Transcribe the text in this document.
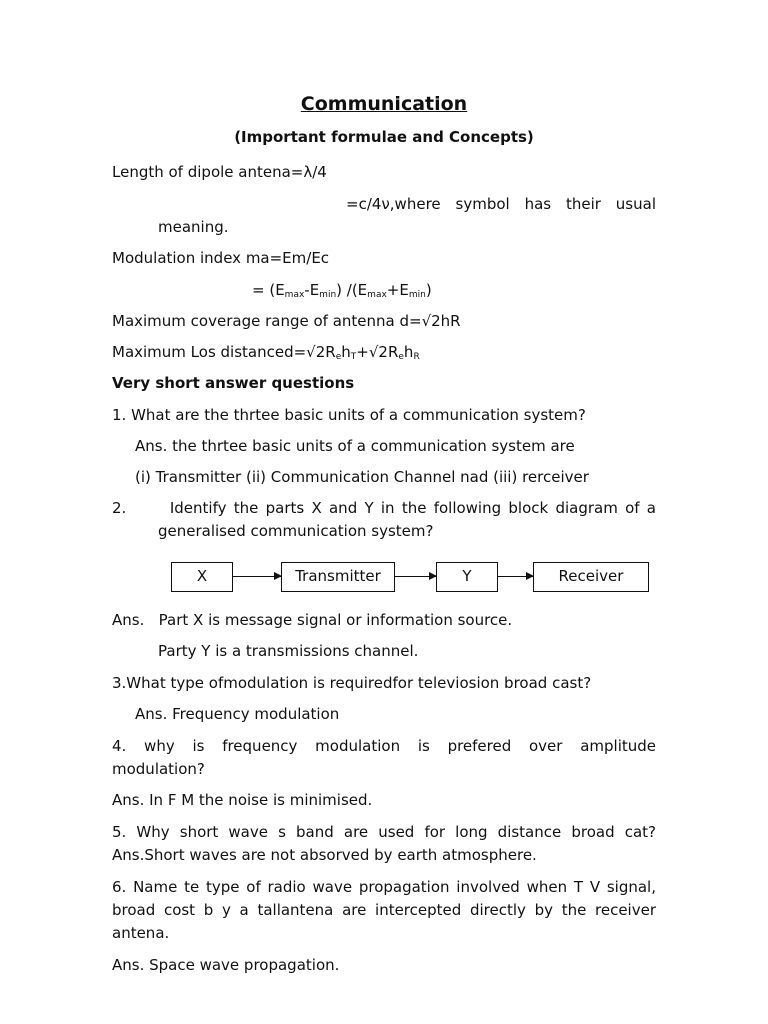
Communication
(Important formulae and Concepts)
Length of dipole antena=λ/4
=c/4ν,where symbol has their usual
meaning.
Modulation index ma=Em/Ec
= $(E_{max}-E_{min})$ $/(E_{max}+E_{min})$
Maximum coverage range of antenna d=√2hR
Maximum Los $distanced=√2R_eh_T+√2R_eh_R$
Very short answer questions
1. What are the thrtee basic units of a communication system?
Ans. the thrtee basic units of a communication system are
(i) Transmitter (ii) Communication Channel nad (iii) rerceiver
2.      Identify the parts X and Y in the following block diagram of a
generalised communication system?
X	Transmitter	Y	Receiver
Ans.   Part X is message signal or information source.
Party Y is a transmissions channel.
3.What type ofmodulation is requiredfor televiosion broad cast?
Ans. Frequency modulation
4.  why  is  frequency  modulation  is  prefered  over  amplitude modulation?
Ans. In F M the noise is minimised.
5. Why short wave s band are used for long distance broad cat? Ans.Short waves are not absorved by earth atmosphere.
6. Name te type of radio wave propagation involved when T V signal, broad cost b y a tallantena are intercepted directly by the receiver antena.
Ans. Space wave propagation.
